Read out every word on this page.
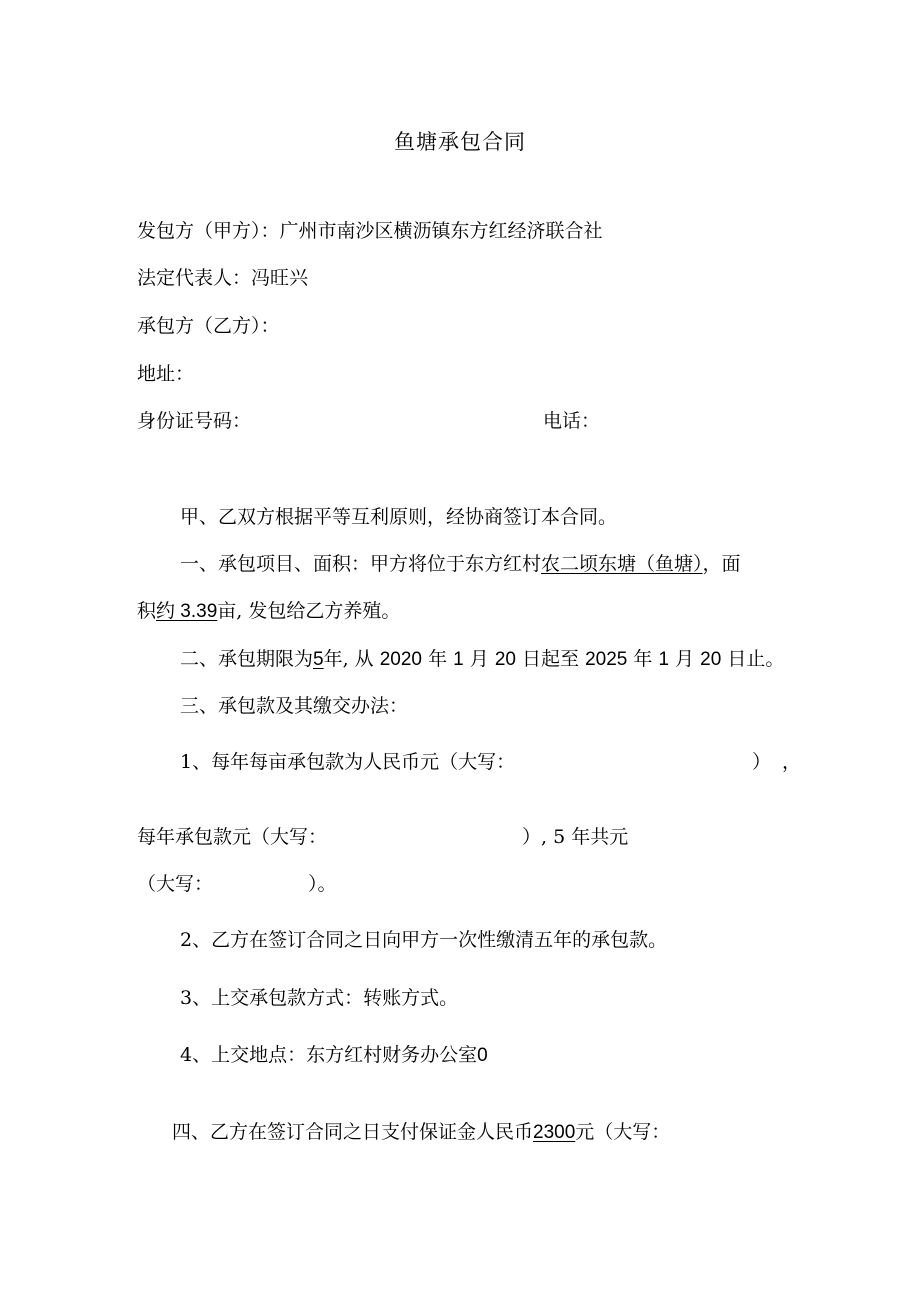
鱼塘承包合同
发包方（甲方）：广州市南沙区横沥镇东方红经济联合社
法定代表人：冯旺兴
承包方（乙方）：
地址：
身份证号码：	电话：
甲、乙双方根据平等互利原则，经协商签订本合同。
一、承包项目、面积：甲方将位于东方红村农二顷东塘（鱼塘），面
积约 3.39亩, 发包给乙方养殖。
二、承包期限为5年, 从 2020 年 1 月 20 日起至 2025 年 1 月 20 日止。
三、承包款及其缴交办法：
1、每年每亩承包款为人民币元（大写：	） ，
每年承包款元（大写：	）, 5 年共元
（大写：	）。
2、乙方在签订合同之日向甲方一次性缴清五年的承包款。
3、上交承包款方式：转账方式。
4、上交地点：东方红村财务办公室0
四、乙方在签订合同之日支付保证金人民币2300元（大写：
